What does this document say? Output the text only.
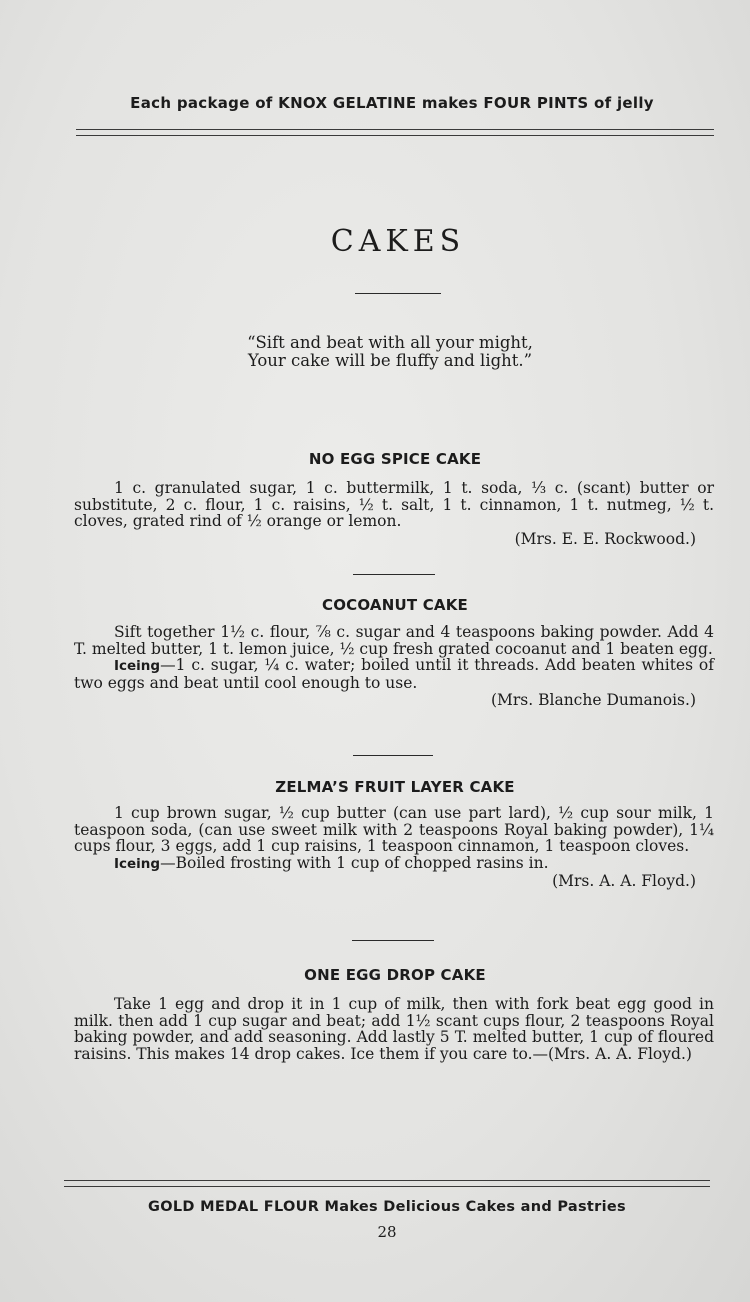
Each package of KNOX GELATINE makes FOUR PINTS of jelly
CAKES
“Sift and beat with all your might,
Your cake will be fluffy and light.”
NO EGG SPICE CAKE

1 c. granulated sugar, 1 c. buttermilk, 1 t. soda, ⅓ c. (scant) butter or substitute, 2 c. flour, 1 c. raisins, ½ t. salt, 1 t. cinnamon, 1 t. nutmeg, ½ t. cloves, grated rind of ½ orange or lemon.

(Mrs. E. E. Rockwood.)
COCOANUT CAKE

Sift together 1½ c. flour, ⅞ c. sugar and 4 teaspoons baking powder. Add 4 T. melted butter, 1 t. lemon juice, ½ cup fresh grated cocoanut and 1 beaten egg.

Iceing—1 c. sugar, ¼ c. water; boiled until it threads. Add beaten whites of two eggs and beat until cool enough to use.

(Mrs. Blanche Dumanois.)
ZELMA’S FRUIT LAYER CAKE

1 cup brown sugar, ½ cup butter (can use part lard), ½ cup sour milk, 1 teaspoon soda, (can use sweet milk with 2 teaspoons Royal baking powder), 1¼ cups flour, 3 eggs, add 1 cup raisins, 1 teaspoon cinnamon, 1 teaspoon cloves.

Iceing—Boiled frosting with 1 cup of chopped rasins in.

(Mrs. A. A. Floyd.)
ONE EGG DROP CAKE

Take 1 egg and drop it in 1 cup of milk, then with fork beat egg good in milk. then add 1 cup sugar and beat; add 1½ scant cups flour, 2 teaspoons Royal baking powder, and add seasoning. Add lastly 5 T. melted butter, 1 cup of floured raisins. This makes 14 drop cakes. Ice them if you care to.—(Mrs. A. A. Floyd.)

GOLD MEDAL FLOUR Makes Delicious Cakes and Pastries
28
